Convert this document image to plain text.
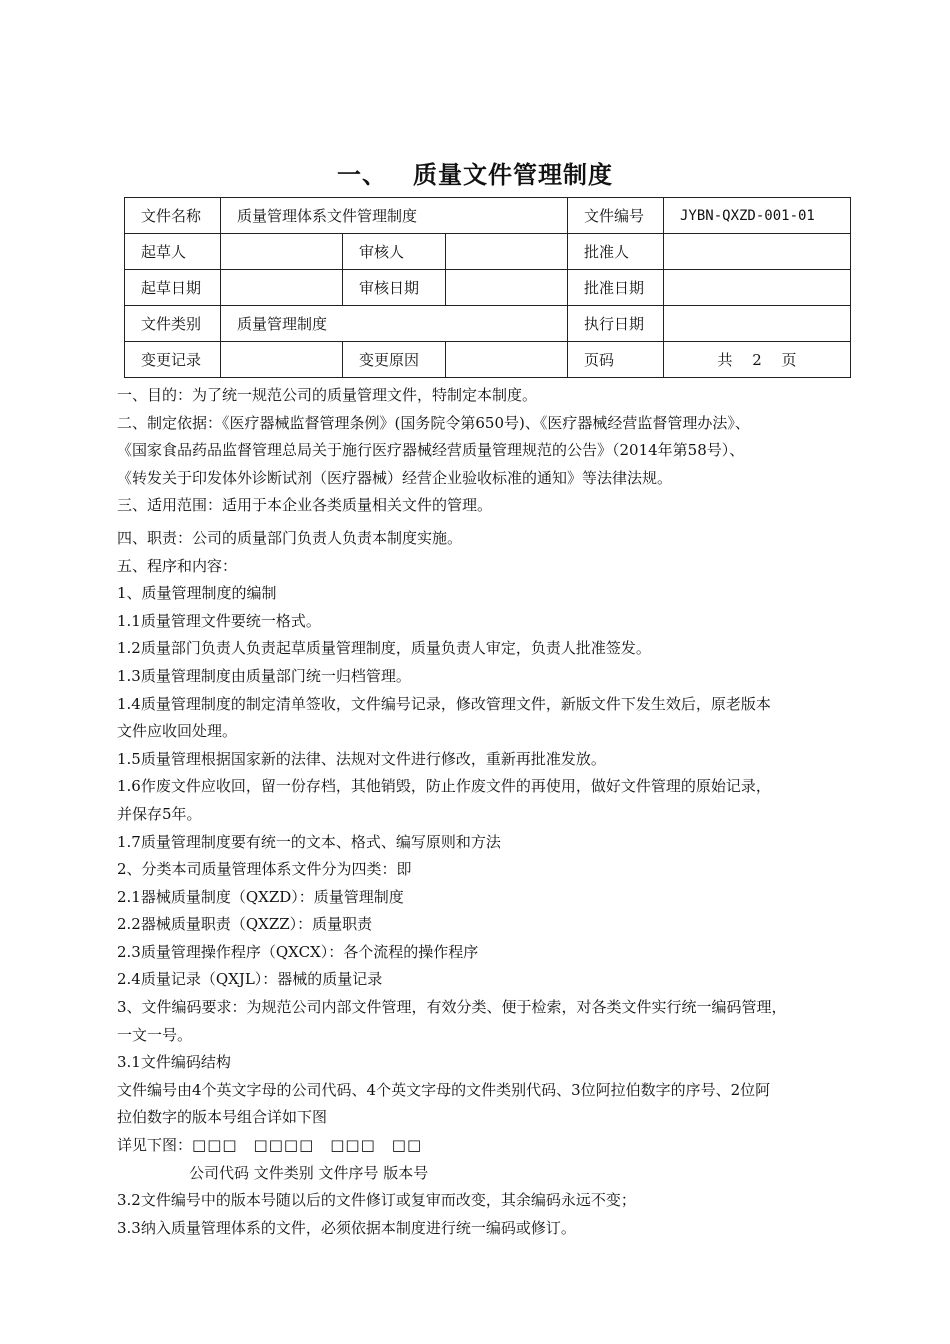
一、 质量文件管理制度
文件名称	质量管理体系文件管理制度			文件编号	JYBN-QXZD-001-01
起草人		审核人		批准人	
起草日期		审核日期		批准日期	
文件类别	质量管理制度			执行日期	
变更记录		变更原因		页码	共　 2　 页

一、目的：为了统一规范公司的质量管理文件，特制定本制度。

二、制定依据：《医疗器械监督管理条例》(国务院令第650号)、《医疗器械经营监督管理办法》、

《国家食品药品监督管理总局关于施行医疗器械经营质量管理规范的公告》（2014年第58号）、

《转发关于印发体外诊断试剂（医疗器械）经营企业验收标准的通知》等法律法规。

三、适用范围：适用于本企业各类质量相关文件的管理。

四、职责：公司的质量部门负责人负责本制度实施。

五、程序和内容：

1、质量管理制度的编制

1.1质量管理文件要统一格式。

1.2质量部门负责人负责起草质量管理制度，质量负责人审定，负责人批准签发。

1.3质量管理制度由质量部门统一归档管理。

1.4质量管理制度的制定清单签收，文件编号记录，修改管理文件，新版文件下发生效后，原老版本

文件应收回处理。

1.5质量管理根据国家新的法律、法规对文件进行修改，重新再批准发放。

1.6作废文件应收回，留一份存档，其他销毁，防止作废文件的再使用，做好文件管理的原始记录，

并保存5年。

1.7质量管理制度要有统一的文本、格式、编写原则和方法

2、分类本司质量管理体系文件分为四类：即

2.1器械质量制度（QXZD）：质量管理制度

2.2器械质量职责（QXZZ）：质量职责

2.3质量管理操作程序（QXCX）：各个流程的操作程序

2.4质量记录（QXJL）：器械的质量记录

3、文件编码要求：为规范公司内部文件管理，有效分类、便于检索，对各类文件实行统一编码管理，

一文一号。

3.1文件编码结构

文件编号由4个英文字母的公司代码、4个英文字母的文件类别代码、3位阿拉伯数字的序号、2位阿

拉伯数字的版本号组合详如下图

详见下图：□□□ □□□□ □□□ □□

公司代码 文件类别 文件序号 版本号

3.2文件编号中的版本号随以后的文件修订或复审而改变，其余编码永远不变；

3.3纳入质量管理体系的文件，必须依据本制度进行统一编码或修订。
